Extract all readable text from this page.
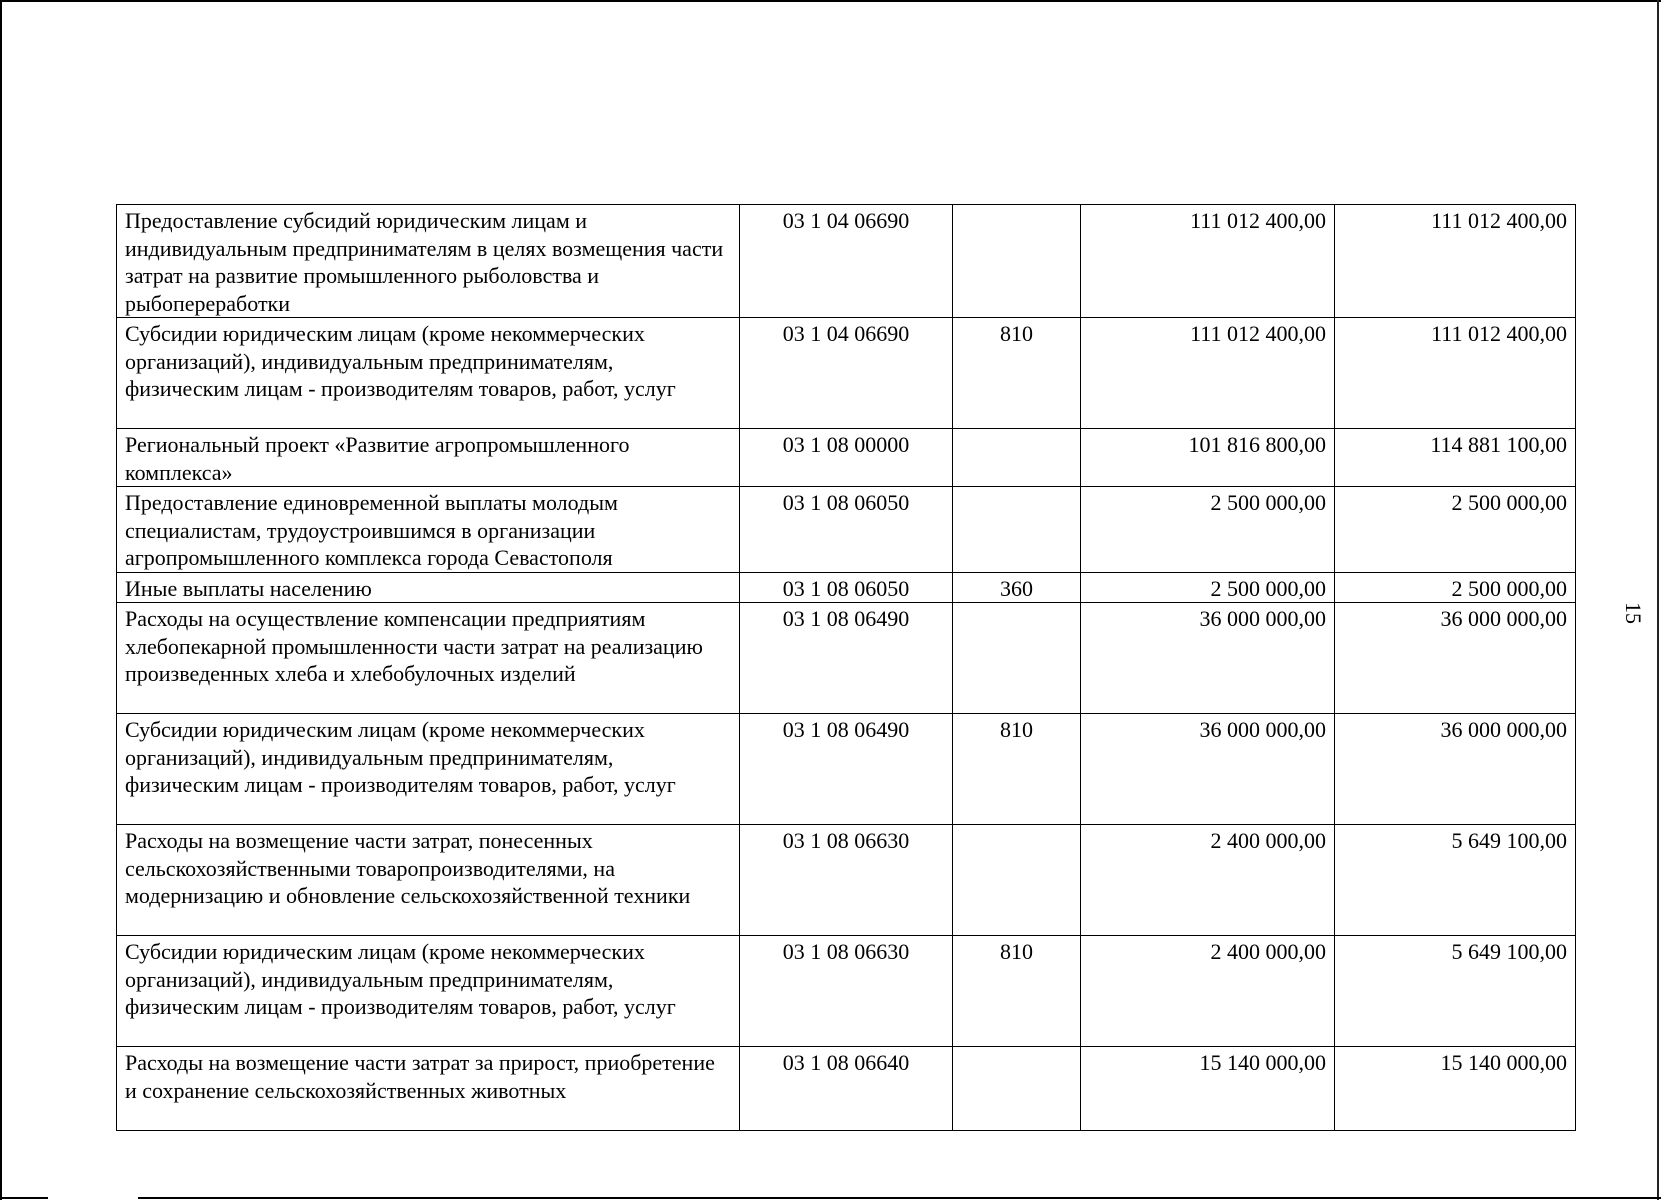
15
Предоставление субсидий юридическим лицам и индивидуальным предпринимателям в целях возмещения части затрат на развитие промышленного рыболовства и рыбопереработки	03 1 04 06690		111 012 400,00	111 012 400,00
Субсидии юридическим лицам (кроме некоммерческих организаций), индивидуальным предпринимателям, физическим лицам - производителям товаров, работ, услуг	03 1 04 06690	810	111 012 400,00	111 012 400,00
Региональный проект «Развитие агропромышленного комплекса»	03 1 08 00000		101 816 800,00	114 881 100,00
Предоставление единовременной выплаты молодым специалистам, трудоустроившимся в организации агропромышленного комплекса города Севастополя	03 1 08 06050		2 500 000,00	2 500 000,00
Иные выплаты населению	03 1 08 06050	360	2 500 000,00	2 500 000,00
Расходы на осуществление компенсации предприятиям хлебопекарной промышленности части затрат на реализацию произведенных хлеба и хлебобулочных изделий	03 1 08 06490		36 000 000,00	36 000 000,00
Субсидии юридическим лицам (кроме некоммерческих организаций), индивидуальным предпринимателям, физическим лицам - производителям товаров, работ, услуг	03 1 08 06490	810	36 000 000,00	36 000 000,00
Расходы на возмещение части затрат, понесенных сельскохозяйственными товаропроизводителями, на модернизацию и обновление сельскохозяйственной техники	03 1 08 06630		2 400 000,00	5 649 100,00
Субсидии юридическим лицам (кроме некоммерческих организаций), индивидуальным предпринимателям, физическим лицам - производителям товаров, работ, услуг	03 1 08 06630	810	2 400 000,00	5 649 100,00
Расходы на возмещение части затрат за прирост, приобретение и сохранение сельскохозяйственных животных	03 1 08 06640		15 140 000,00	15 140 000,00
